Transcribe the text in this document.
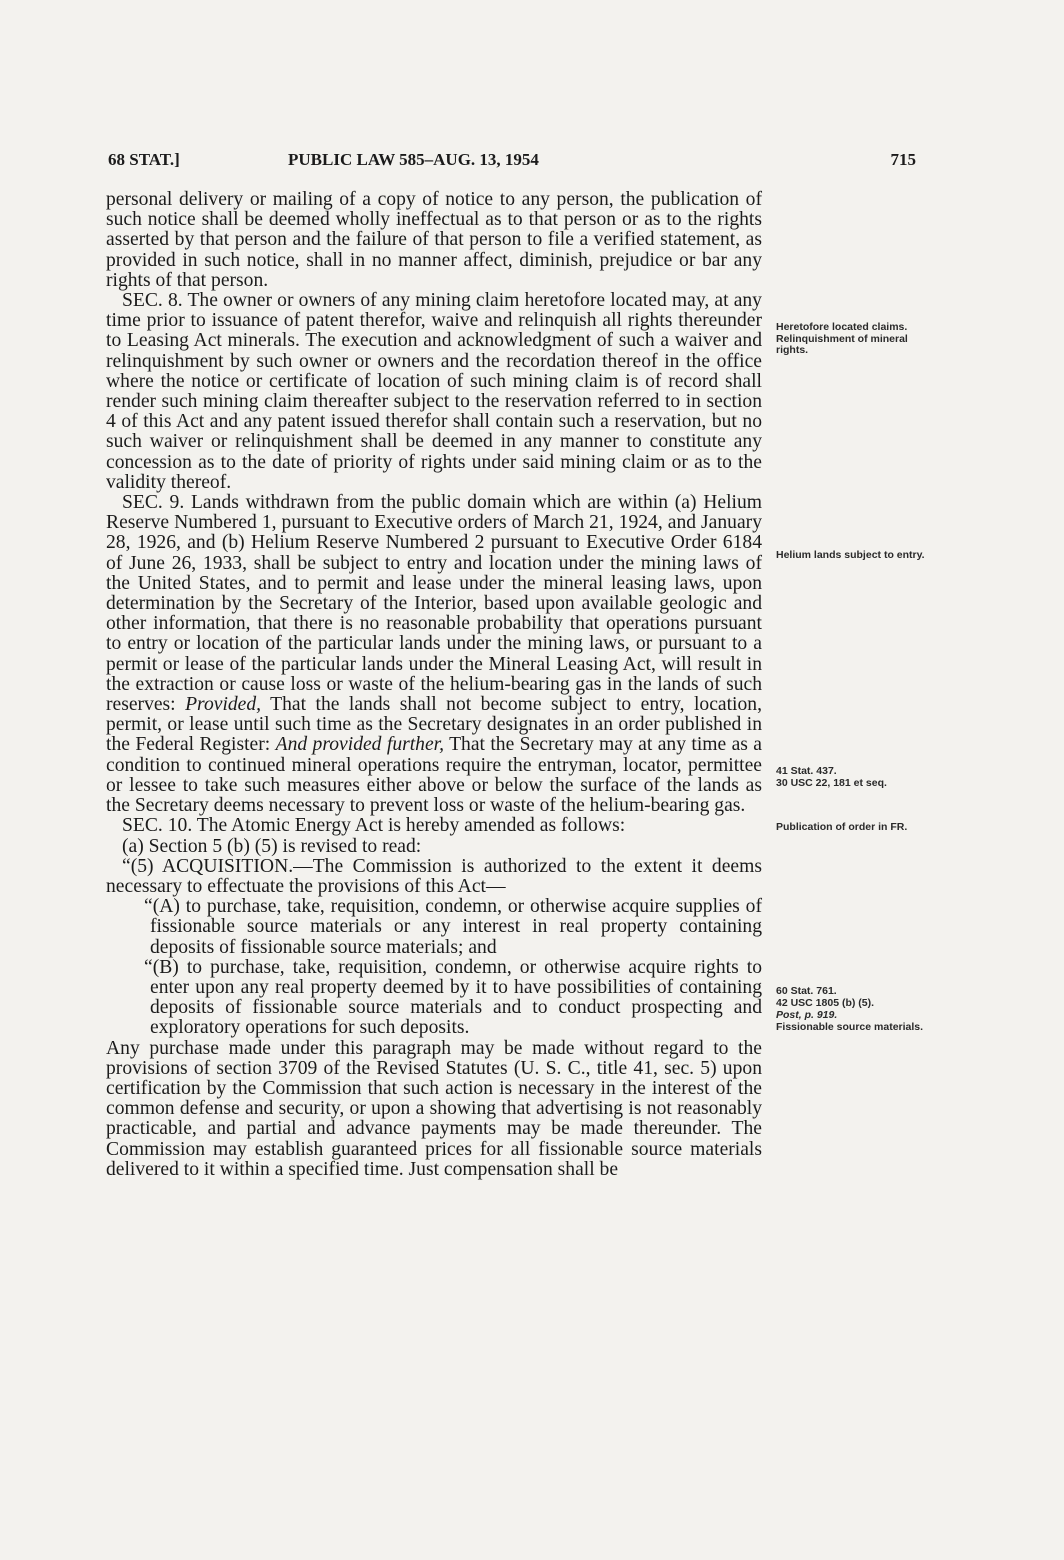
68 STAT.]	PUBLIC LAW 585–AUG. 13, 1954	715

personal delivery or mailing of a copy of notice to any person, the publication of such notice shall be deemed wholly ineffectual as to that person or as to the rights asserted by that person and the failure of that person to file a verified statement, as provided in such notice, shall in no manner affect, diminish, prejudice or bar any rights of that person.

SEC. 8. The owner or owners of any mining claim heretofore located may, at any time prior to issuance of patent therefor, waive and relinquish all rights thereunder to Leasing Act minerals. The execution and acknowledgment of such a waiver and relinquishment by such owner or owners and the recordation thereof in the office where the notice or certificate of location of such mining claim is of record shall render such mining claim thereafter subject to the reservation referred to in section 4 of this Act and any patent issued therefor shall contain such a reservation, but no such waiver or relinquishment shall be deemed in any manner to constitute any concession as to the date of priority of rights under said mining claim or as to the validity thereof.

SEC. 9. Lands withdrawn from the public domain which are within (a) Helium Reserve Numbered 1, pursuant to Executive orders of March 21, 1924, and January 28, 1926, and (b) Helium Reserve Numbered 2 pursuant to Executive Order 6184 of June 26, 1933, shall be subject to entry and location under the mining laws of the United States, and to permit and lease under the mineral leasing laws, upon determination by the Secretary of the Interior, based upon available geologic and other information, that there is no reasonable probability that operations pursuant to entry or location of the particular lands under the mining laws, or pursuant to a permit or lease of the particular lands under the Mineral Leasing Act, will result in the extraction or cause loss or waste of the helium-bearing gas in the lands of such reserves: Provided, That the lands shall not become subject to entry, location, permit, or lease until such time as the Secretary designates in an order published in the Federal Register: And provided further, That the Secretary may at any time as a condition to continued mineral operations require the entryman, locator, permittee or lessee to take such measures either above or below the surface of the lands as the Secretary deems necessary to prevent loss or waste of the helium-bearing gas.

SEC. 10. The Atomic Energy Act is hereby amended as follows:

(a) Section 5 (b) (5) is revised to read:

“(5) ACQUISITION.—The Commission is authorized to the extent it deems necessary to effectuate the provisions of this Act—

“(A) to purchase, take, requisition, condemn, or otherwise acquire supplies of fissionable source materials or any interest in real property containing deposits of fissionable source materials; and

“(B) to purchase, take, requisition, condemn, or otherwise acquire rights to enter upon any real property deemed by it to have possibilities of containing deposits of fissionable source materials and to conduct prospecting and exploratory operations for such deposits.

Any purchase made under this paragraph may be made without regard to the provisions of section 3709 of the Revised Statutes (U. S. C., title 41, sec. 5) upon certification by the Commission that such action is necessary in the interest of the common defense and security, or upon a showing that advertising is not reasonably practicable, and partial and advance payments may be made thereunder. The Commission may establish guaranteed prices for all fissionable source materials delivered to it within a specified time. Just compensation shall be

Heretofore located claims.
Relinquishment of mineral rights.
Helium lands subject to entry.
41 Stat. 437.
30 USC 22, 181 et seq.
Publication of order in FR.
60 Stat. 761.
42 USC 1805 (b) (5).
Post, p. 919.
Fissionable source materials.
